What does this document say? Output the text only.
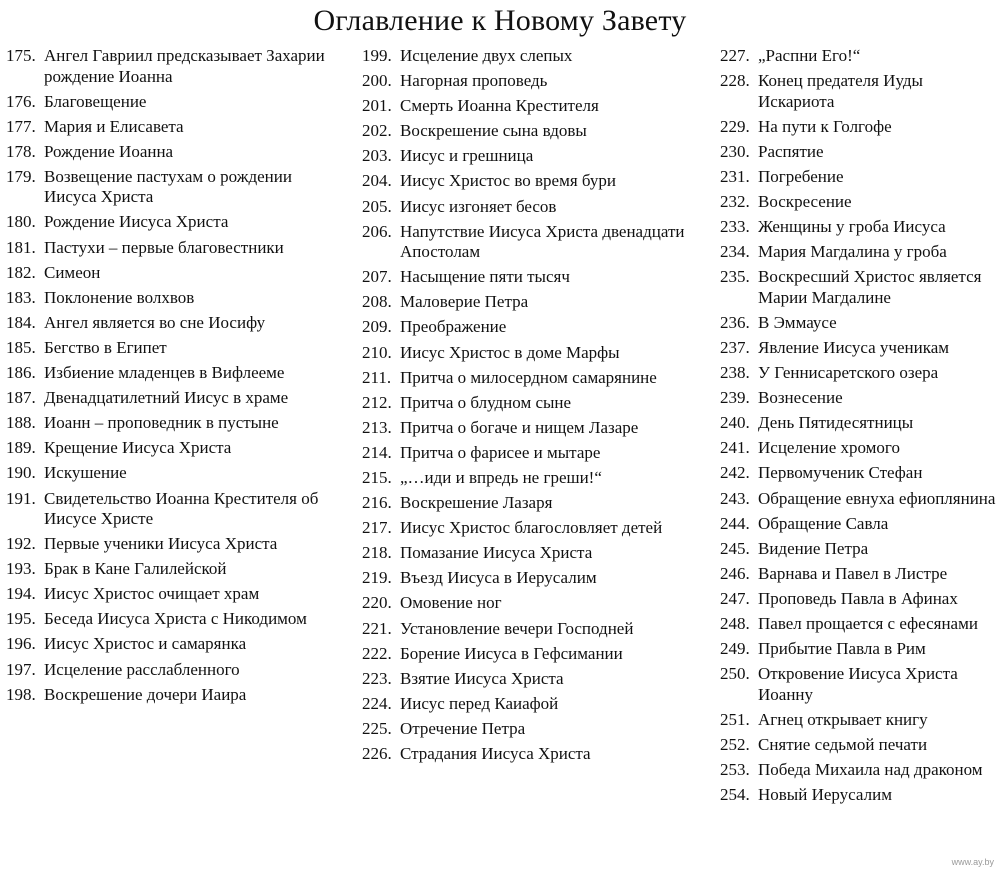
Оглавление к Новому Завету
175. Ангел Гавриил предсказывает Захарии рождение Иоанна
176. Благовещение
177. Мария и Елисавета
178. Рождение Иоанна
179. Возвещение пастухам о рождении Иисуса Христа
180. Рождение Иисуса Христа
181. Пастухи – первые благовестники
182. Симеон
183. Поклонение волхвов
184. Ангел является во сне Иосифу
185. Бегство в Египет
186. Избиение младенцев в Вифлееме
187. Двенадцатилетний Иисус в храме
188. Иоанн – проповедник в пустыне
189. Крещение Иисуса Христа
190. Искушение
191. Свидетельство Иоанна Крестителя об Иисусе Христе
192. Первые ученики Иисуса Христа
193. Брак в Кане Галилейской
194. Иисус Христос очищает храм
195. Беседа Иисуса Христа с Никодимом
196. Иисус Христос и самарянка
197. Исцеление расслабленного
198. Воскрешение дочери Иаира
199. Исцеление двух слепых
200. Нагорная проповедь
201. Смерть Иоанна Крестителя
202. Воскрешение сына вдовы
203. Иисус и грешница
204. Иисус Христос во время бури
205. Иисус изгоняет бесов
206. Напутствие Иисуса Христа двенадцати Апостолам
207. Насыщение пяти тысяч
208. Маловерие Петра
209. Преображение
210. Иисус Христос в доме Марфы
211. Притча о милосердном самарянине
212. Притча о блудном сыне
213. Притча о богаче и нищем Лазаре
214. Притча о фарисее и мытаре
215. „…иди и впредь не греши!“
216. Воскрешение Лазаря
217. Иисус Христос благословляет детей
218. Помазание Иисуса Христа
219. Въезд Иисуса в Иерусалим
220. Омовение ног
221. Установление вечери Господней
222. Борение Иисуса в Гефсимании
223. Взятие Иисуса Христа
224. Иисус перед Каиафой
225. Отречение Петра
226. Страдания Иисуса Христа
227. „Распни Его!“
228. Конец предателя Иуды Искариота
229. На пути к Голгофе
230. Распятие
231. Погребение
232. Воскресение
233. Женщины у гроба Иисуса
234. Мария Магдалина у гроба
235. Воскресший Христос является Марии Магдалине
236. В Эммаусе
237. Явление Иисуса ученикам
238. У Геннисаретского озера
239. Вознесение
240. День Пятидесятницы
241. Исцеление хромого
242. Первомученик Стефан
243. Обращение евнуха ефиоплянина
244. Обращение Савла
245. Видение Петра
246. Варнава и Павел в Листре
247. Проповедь Павла в Афинах
248. Павел прощается с ефесянами
249. Прибытие Павла в Рим
250. Откровение Иисуса Христа Иоанну
251. Агнец открывает книгу
252. Снятие седьмой печати
253. Победа Михаила над драконом
254. Новый Иерусалим
www.ay.by
